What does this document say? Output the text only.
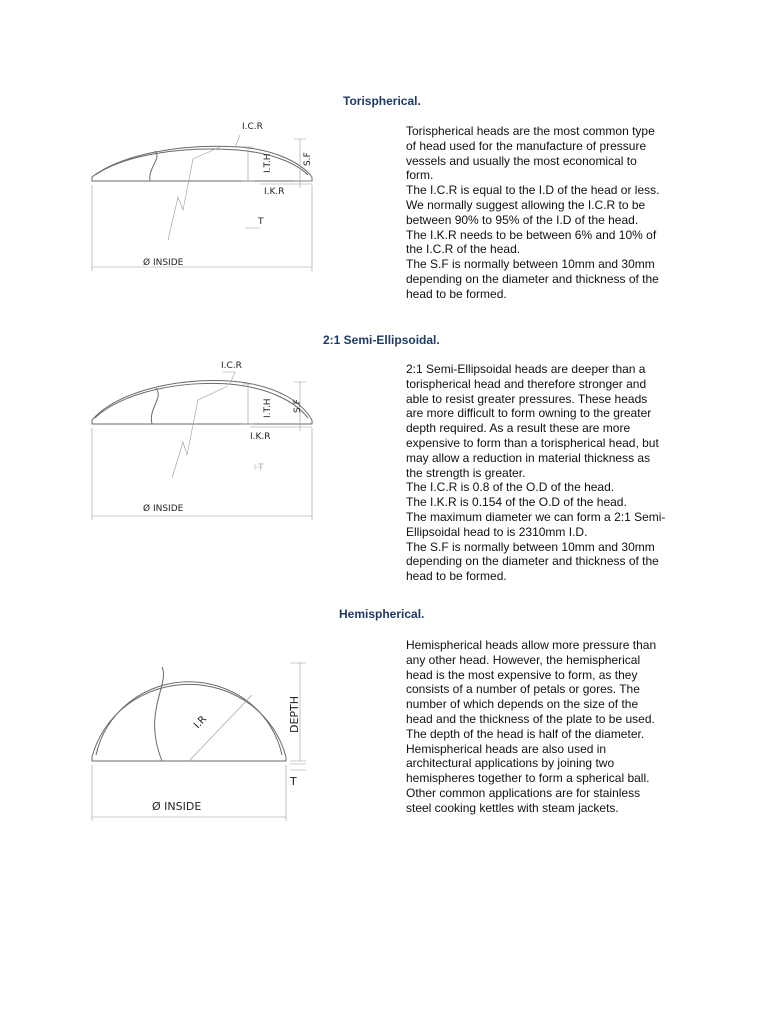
Torispherical.
I.C.R
I.T.H	S.F
I.K.R
T
Ø INSIDE

Torispherical heads are the most common type
of head used for the manufacture of pressure
vessels and usually the most economical to
form.
The I.C.R is equal to the I.D of the head or less.
We normally suggest allowing the I.C.R to be
between 90% to 95% of the I.D of the head.
The I.K.R needs to be between 6% and 10% of
the I.C.R of the head.
The S.F is normally between 10mm and 30mm
depending on the diameter and thickness of the
head to be formed.

2:1 Semi-Ellipsoidal.
I.C.R
I.T.H S.F
I.K.R
T
Ø INSIDE

2:1 Semi-Ellipsoidal heads are deeper than a
torispherical head and therefore stronger and
able to resist greater pressures. These heads
are more difficult to form owning to the greater
depth required. As a result these are more
expensive to form than a torispherical head, but
may allow a reduction in material thickness as
the strength is greater.
The I.C.R is 0.8 of the O.D of the head.
The I.K.R is 0.154 of the O.D of the head.
The maximum diameter we can form a 2:1 Semi-
Ellipsoidal head to is 2310mm I.D.
The S.F is normally between 10mm and 30mm
depending on the diameter and thickness of the
head to be formed.

Hemispherical.
I.R	DEPTH
T
Ø INSIDE

Hemispherical heads allow more pressure than
any other head. However, the hemispherical
head is the most expensive to form, as they
consists of a number of petals or gores. The
number of which depends on the size of the
head and the thickness of the plate to be used.
The depth of the head is half of the diameter.
Hemispherical heads are also used in
architectural applications by joining two
hemispheres together to form a spherical ball.
Other common applications are for stainless
steel cooking kettles with steam jackets.
